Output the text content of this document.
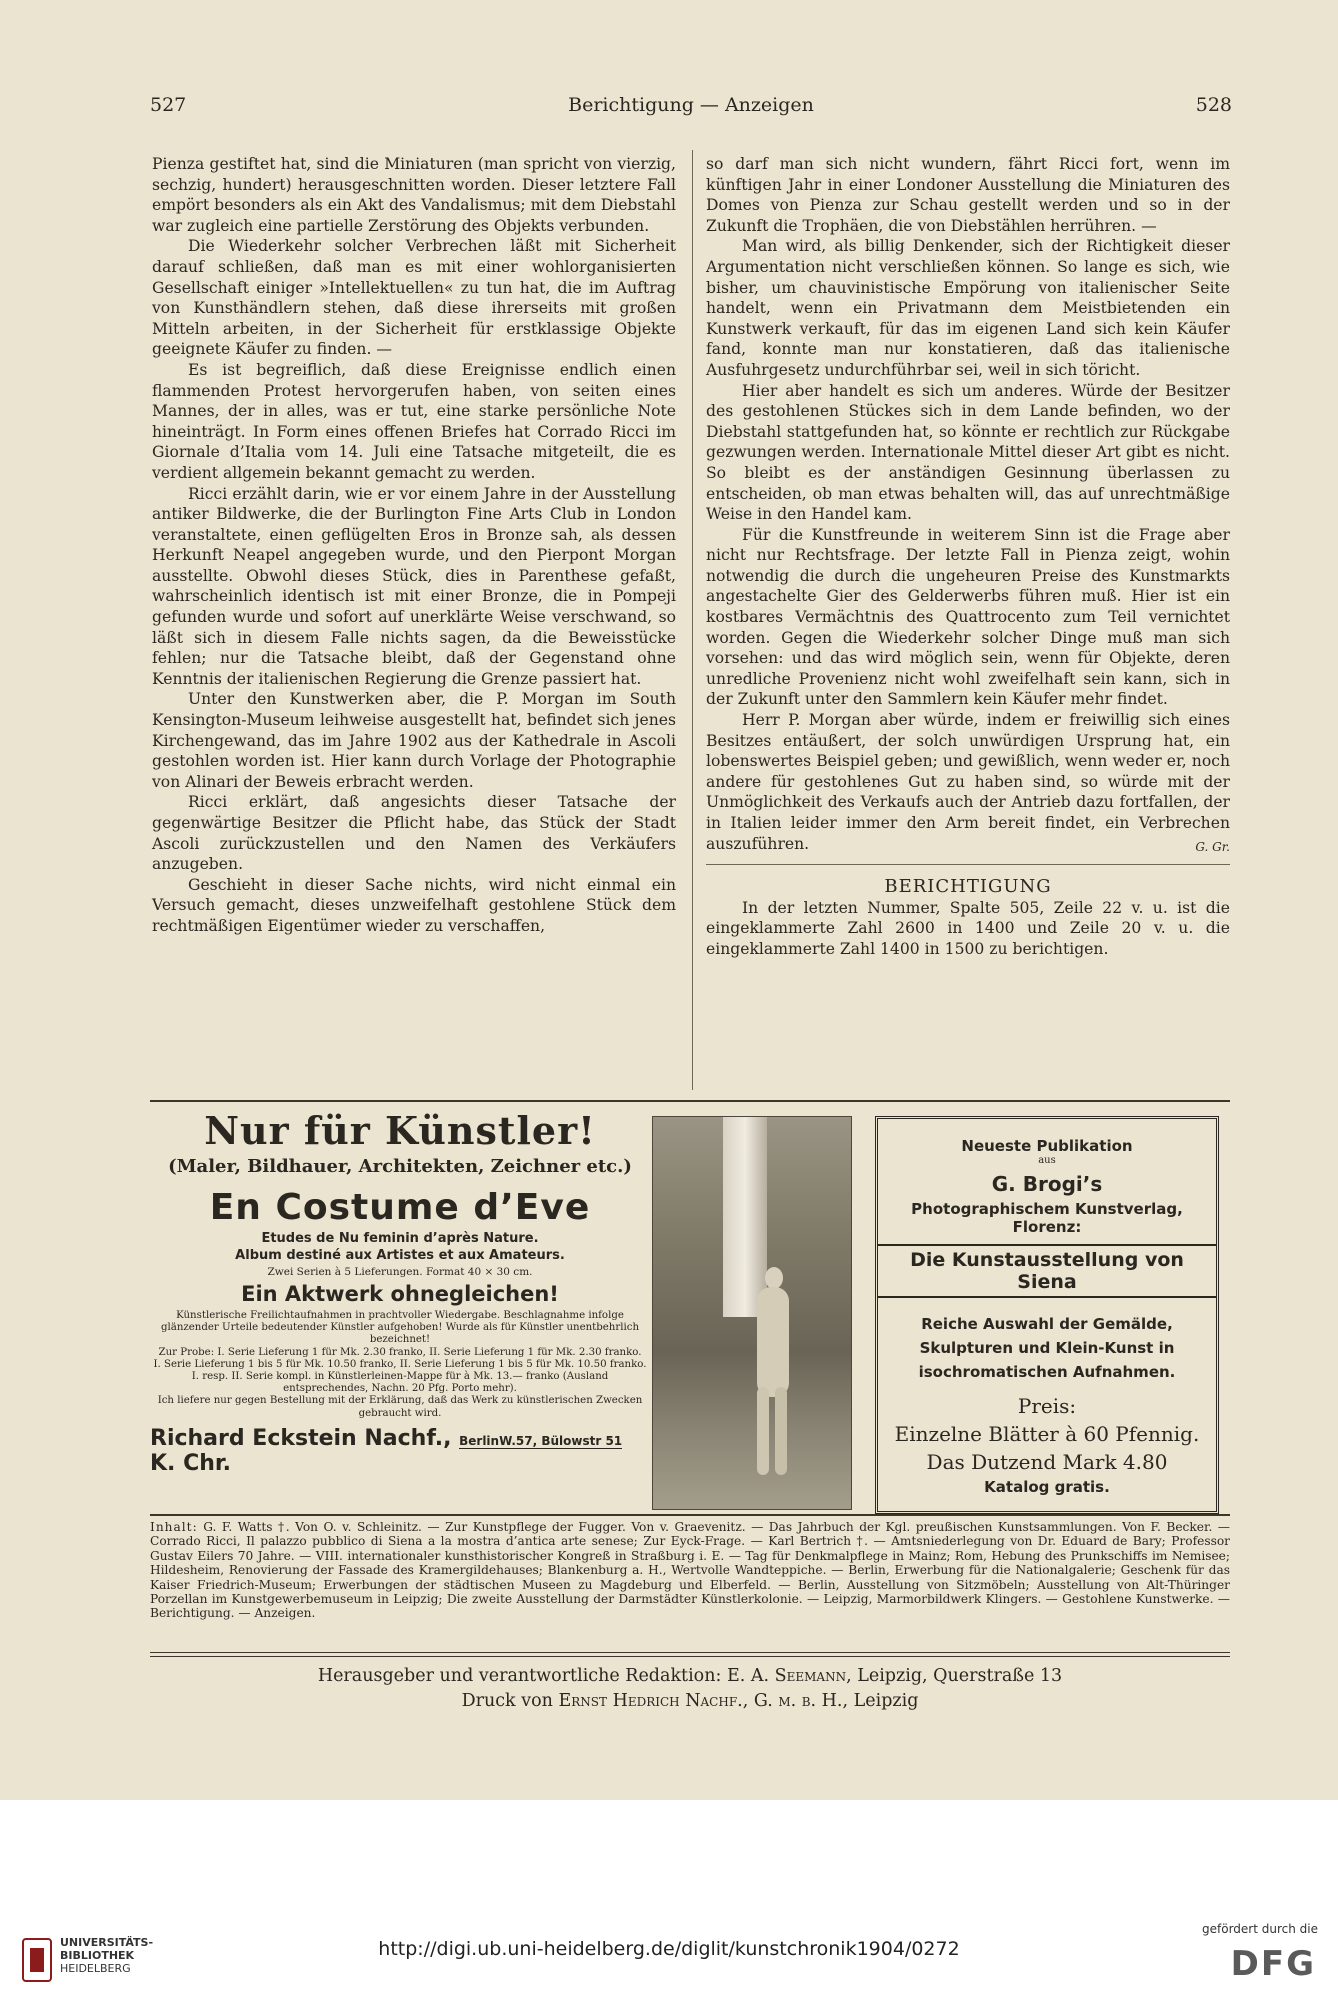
527	Berichtigung — Anzeigen	528

Pienza gestiftet hat, sind die Miniaturen (man spricht von vierzig, sechzig, hundert) herausgeschnitten worden. Dieser letztere Fall empört besonders als ein Akt des Vandalismus; mit dem Diebstahl war zugleich eine partielle Zerstörung des Objekts verbunden.

Die Wiederkehr solcher Verbrechen läßt mit Sicherheit darauf schließen, daß man es mit einer wohlorganisierten Gesellschaft einiger »Intellektuellen« zu tun hat, die im Auftrag von Kunsthändlern stehen, daß diese ihrerseits mit großen Mitteln arbeiten, in der Sicherheit für erstklassige Objekte geeignete Käufer zu finden. —

Es ist begreiflich, daß diese Ereignisse endlich einen flammenden Protest hervorgerufen haben, von seiten eines Mannes, der in alles, was er tut, eine starke persönliche Note hineinträgt. In Form eines offenen Briefes hat Corrado Ricci im Giornale d’Italia vom 14. Juli eine Tatsache mitgeteilt, die es verdient allgemein bekannt gemacht zu werden.

Ricci erzählt darin, wie er vor einem Jahre in der Ausstellung antiker Bildwerke, die der Burlington Fine Arts Club in London veranstaltete, einen geflügelten Eros in Bronze sah, als dessen Herkunft Neapel angegeben wurde, und den Pierpont Morgan ausstellte. Obwohl dieses Stück, dies in Parenthese gefaßt, wahrscheinlich identisch ist mit einer Bronze, die in Pompeji gefunden wurde und sofort auf unerklärte Weise verschwand, so läßt sich in diesem Falle nichts sagen, da die Beweisstücke fehlen; nur die Tatsache bleibt, daß der Gegenstand ohne Kenntnis der italienischen Regierung die Grenze passiert hat.

Unter den Kunstwerken aber, die P. Morgan im South Kensington-Museum leihweise ausgestellt hat, befindet sich jenes Kirchengewand, das im Jahre 1902 aus der Kathedrale in Ascoli gestohlen worden ist. Hier kann durch Vorlage der Photographie von Alinari der Beweis erbracht werden.

Ricci erklärt, daß angesichts dieser Tatsache der gegenwärtige Besitzer die Pflicht habe, das Stück der Stadt Ascoli zurückzustellen und den Namen des Verkäufers anzugeben.

Geschieht in dieser Sache nichts, wird nicht einmal ein Versuch gemacht, dieses unzweifelhaft gestohlene Stück dem rechtmäßigen Eigentümer wieder zu verschaffen,

so darf man sich nicht wundern, fährt Ricci fort, wenn im künftigen Jahr in einer Londoner Ausstellung die Miniaturen des Domes von Pienza zur Schau gestellt werden und so in der Zukunft die Trophäen, die von Diebstählen herrühren. —

Man wird, als billig Denkender, sich der Richtigkeit dieser Argumentation nicht verschließen können. So lange es sich, wie bisher, um chauvinistische Empörung von italienischer Seite handelt, wenn ein Privatmann dem Meistbietenden ein Kunstwerk verkauft, für das im eigenen Land sich kein Käufer fand, konnte man nur konstatieren, daß das italienische Ausfuhrgesetz undurchführbar sei, weil in sich töricht.

Hier aber handelt es sich um anderes. Würde der Besitzer des gestohlenen Stückes sich in dem Lande befinden, wo der Diebstahl stattgefunden hat, so könnte er rechtlich zur Rückgabe gezwungen werden. Internationale Mittel dieser Art gibt es nicht. So bleibt es der anständigen Gesinnung überlassen zu entscheiden, ob man etwas behalten will, das auf unrechtmäßige Weise in den Handel kam.

Für die Kunstfreunde in weiterem Sinn ist die Frage aber nicht nur Rechtsfrage. Der letzte Fall in Pienza zeigt, wohin notwendig die durch die ungeheuren Preise des Kunstmarkts angestachelte Gier des Gelderwerbs führen muß. Hier ist ein kostbares Vermächtnis des Quattrocento zum Teil vernichtet worden. Gegen die Wiederkehr solcher Dinge muß man sich vorsehen: und das wird möglich sein, wenn für Objekte, deren unredliche Provenienz nicht wohl zweifelhaft sein kann, sich in der Zukunft unter den Sammlern kein Käufer mehr findet.

Herr P. Morgan aber würde, indem er freiwillig sich eines Besitzes entäußert, der solch unwürdigen Ursprung hat, ein lobenswertes Beispiel geben; und gewißlich, wenn weder er, noch andere für gestohlenes Gut zu haben sind, so würde mit der Unmöglichkeit des Verkaufs auch der Antrieb dazu fortfallen, der in Italien leider immer den Arm bereit findet, ein Verbrechen auszuführen.	G. Gr.

BERICHTIGUNG

In der letzten Nummer, Spalte 505, Zeile 22 v. u. ist die eingeklammerte Zahl 2600 in 1400 und Zeile 20 v. u. die eingeklammerte Zahl 1400 in 1500 zu berichtigen.

Nur für Künstler!
(Maler, Bildhauer, Architekten, Zeichner etc.)
En Costume d’Eve
Etudes de Nu feminin d’après Nature.
Album destiné aux Artistes et aux Amateurs.
Zwei Serien à 5 Lieferungen. Format 40 × 30 cm.
Ein Aktwerk ohnegleichen!
Künstlerische Freilichtaufnahmen in prachtvoller Wiedergabe. Beschlagnahme infolge glänzender Urteile bedeutender Künstler aufgehoben! Wurde als für Künstler unentbehrlich bezeichnet!
Zur Probe: I. Serie Lieferung 1 für Mk. 2.30 franko, II. Serie Lieferung 1 für Mk. 2.30 franko.
I. Serie Lieferung 1 bis 5 für Mk. 10.50 franko, II. Serie Lieferung 1 bis 5 für Mk. 10.50 franko.
I. resp. II. Serie kompl. in Künstlerleinen-Mappe für à Mk. 13.— franko (Ausland entsprechendes, Nachn. 20 Pfg. Porto mehr).
Ich liefere nur gegen Bestellung mit der Erklärung, daß das Werk zu künstlerischen Zwecken gebraucht wird.
Richard Eckstein Nachf., BerlinW.57, Bülowstr 51 K. Chr.
Neueste Publikation
aus
G. Brogi’s
Photographischem Kunstverlag, Florenz:
Die Kunstausstellung von Siena
Reiche Auswahl der Gemälde,
Skulpturen und Klein-Kunst in
isochromatischen Aufnahmen.
Preis:
Einzelne Blätter à 60 Pfennig.
Das Dutzend Mark 4.80
Katalog gratis.
Inhalt: G. F. Watts †. Von O. v. Schleinitz. — Zur Kunstpflege der Fugger. Von v. Graevenitz. — Das Jahrbuch der Kgl. preußischen Kunstsammlungen. Von F. Becker. — Corrado Ricci, Il palazzo pubblico di Siena a la mostra d’antica arte senese; Zur Eyck-Frage. — Karl Bertrich †. — Amtsniederlegung von Dr. Eduard de Bary; Professor Gustav Eilers 70 Jahre. — VIII. internationaler kunsthistorischer Kongreß in Straßburg i. E. — Tag für Denkmalpflege in Mainz; Rom, Hebung des Prunkschiffs im Nemisee; Hildesheim, Renovierung der Fassade des Kramergildehauses; Blankenburg a. H., Wertvolle Wandteppiche. — Berlin, Erwerbung für die Nationalgalerie; Geschenk für das Kaiser Friedrich-Museum; Erwerbungen der städtischen Museen zu Magdeburg und Elberfeld. — Berlin, Ausstellung von Sitzmöbeln; Ausstellung von Alt-Thüringer Porzellan im Kunstgewerbemuseum in Leipzig; Die zweite Ausstellung der Darmstädter Künstlerkolonie. — Leipzig, Marmorbildwerk Klingers. — Gestohlene Kunstwerke. — Berichtigung. — Anzeigen.
Herausgeber und verantwortliche Redaktion: E. A. Seemann, Leipzig, Querstraße 13
Druck von Ernst Hedrich Nachf., G. m. b. H., Leipzig
UNIVERSITÄTS-
BIBLIOTHEK
HEIDELBERG
http://digi.ub.uni-heidelberg.de/diglit/kunstchronik1904/0272
gefördert durch die
DFG
